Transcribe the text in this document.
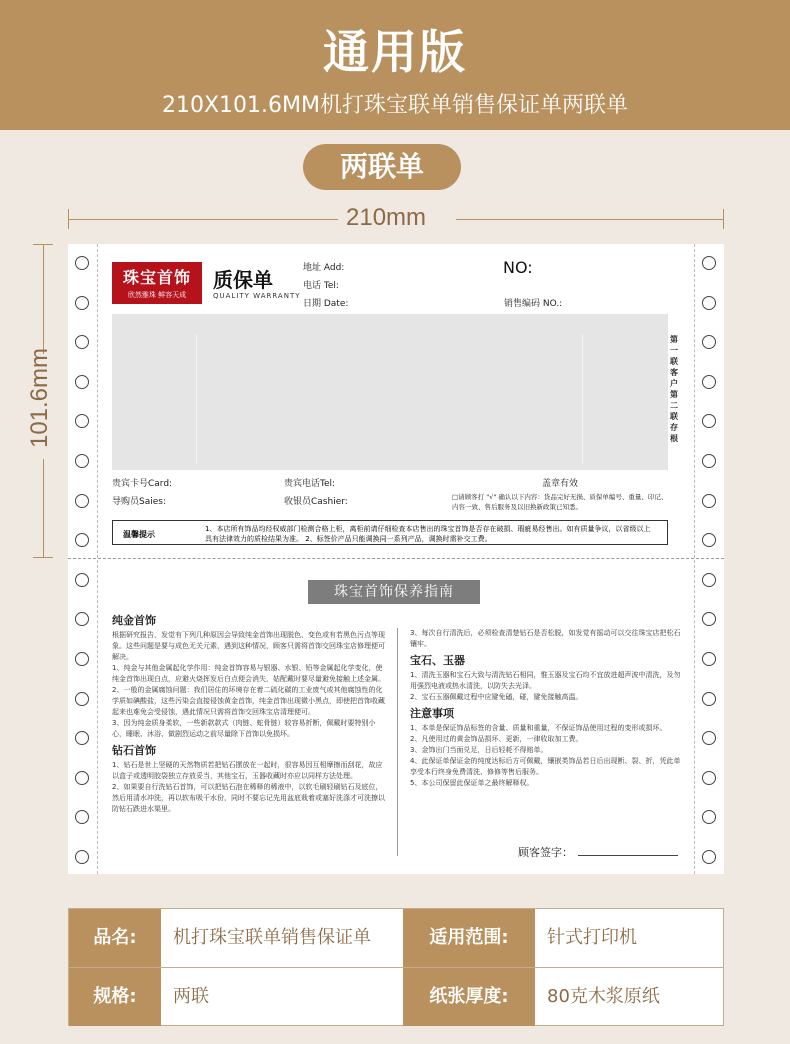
通用版
210X101.6MM机打珠宝联单销售保证单两联单
两联单
210mm
101.6mm
珠宝首饰
欣然雅珠 鲜容天成
质保单
QUALITY WARRANTY
地址 Add:
电话 Tel:
日期 Date:
NO:
销售编码 NO.:
第一联 客户 第二联 存根
贵宾卡号Card:	贵宾电话Tel:	盖章有效
导购员Saies:	收银员Cashier:	□请顾客打 "√" 确认以下内容：货品完好无损、质保单编号、重量、印记、内容一致、售后服务及以旧换新政策已知悉。
温馨提示
1、本店所有饰品均经权威部门检测合格上柜，离柜前请仔细检查本店售出的珠宝首饰是否存在破损、瑕疵易经售出。如有质量争议，以省级以上具有法律效力的质检结果为准。 2、标签价产品只能调换同一系列产品，调换时需补交工费。
珠宝首饰保养指南
纯金首饰
根据研究报告，发觉有下列几种原因会导致纯金首饰出现脱色、变色或有若黑色污点等现象。这些问题是要与成色无关元素，遇到这种情况，顾客只需将首饰交回珠宝店修理便可解决。
1、纯金与其他金属起化学作用：纯金首饰容易与银器、水银、铅等金属起化学变化，使纯金首饰出现白点，应避火烧挥发后白点便会消失，姑配戴时要尽量避免接触上述金属。
2、一般的金属腐蚀问题：我们居住的环境存在着二硫化碳的工业废气或其他腐蚀性的化学质如碘酸盐，这些污染会直接侵蚀黄金首饰，纯金首饰出现微小黑点，即使把首饰收藏起来也难免会受侵蚀，遇此情况只需将首饰交回珠宝店清理便可。
3、因为纯金质身柔软，一些新款款式（肉链、蛇骨链）较容易折断，佩戴时要特别小心，睡眠、沐浴、做剧烈运动之前尽量除下首饰以免损坏。
钻石首饰
1、钻石是世上坚硬的天然物质若把钻石摆放在一起时，很容易因互相摩擦而刮花，故应以盒子或透明胶袋独立存放妥当，其他宝石，玉器收藏时亦应以同样方法处理。
2、如果要自行洗钻石首饰，可以把钻石泡在稀释的稀液中，以软毛刷轻刷钻石及底位，然后用清水冲洗，再以软布吸干水份，同时不要忘记先用盆底栽着或塞好洗涤才可洗擦以防钻石跌进水渠里。
3、每次自行清洗后，必须检查清楚钻石是否松脱，如发觉有摇动可以交往珠宝店把松石镶牢。
宝石、玉器
1、清洗玉器和宝石大致与清洗钻石相同，惟玉器及宝石均不宜放进超声波中清洗，及勿用强烈电液或热水清洗，以防失去光泽。
2、宝石玉器佩戴过程中应避免磕，碰，避免接触高温。
注意事项
1、本单是保证饰品标签的含量、质量和重量，不保证饰品使用过程的变形或损坏。
2、凡使用过的黄金饰品损坏、更新，一律收取加工费。
3、金饰出门当面兑足，日后轻耗不得赔单。
4、此保证单保证金的纯度达标后方可佩戴，镶嵌类饰品若日后出现断、裂、折，凭此单享受本行终身免费清洗、修修等售后服务。
5、本公司保留此保证单之最终解释权。
顾客签字：
品名:	机打珠宝联单销售保证单	适用范围:	针式打印机
规格:	两联	纸张厚度:	80克木浆原纸
